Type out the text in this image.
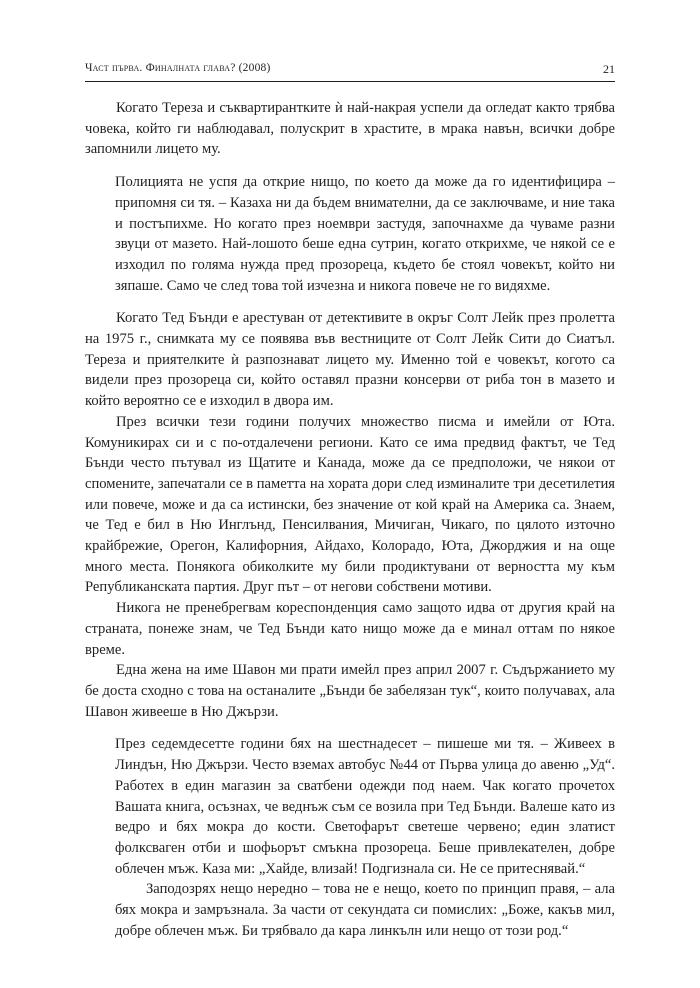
Част първа. Финалната глава? (2008)	21

Когато Тереза и съквартирантките ѝ най-накрая успели да огледат както трябва човека, който ги наблюдавал, полускрит в храстите, в мрака навън, всички добре запомнили лицето му.

Полицията не успя да открие нищо, по което да може да го идентифицира – припомня си тя. – Казаха ни да бъдем внимателни, да се заключваме, и ние така и постъпихме. Но когато през ноември застудя, започнахме да чуваме разни звуци от мазето. Най-лошото беше една сутрин, когато открихме, че някой се е изходил по голяма нужда пред прозореца, където бе стоял човекът, който ни зяпаше. Само че след това той изчезна и никога повече не го видяхме.

Когато Тед Бънди е арестуван от детективите в окръг Солт Лейк през пролетта на 1975 г., снимката му се появява във вестниците от Солт Лейк Сити до Сиатъл. Тереза и приятелките ѝ разпознават лицето му. Именно той е човекът, когото са видели през прозореца си, който оставял празни консерви от риба тон в мазето и който вероятно се е изходил в двора им.

През всички тези години получих множество писма и имейли от Юта. Комуникирах си и с по-отдалечени региони. Като се има предвид фактът, че Тед Бънди често пътувал из Щатите и Канада, може да се предположи, че някои от спомените, запечатали се в паметта на хората дори след изминалите три десетилетия или повече, може и да са истински, без значение от кой край на Америка са. Знаем, че Тед е бил в Ню Инглънд, Пенсилвания, Мичиган, Чикаго, по цялото източно крайбрежие, Орегон, Калифорния, Айдахо, Колорадо, Юта, Джорджия и на още много места. Понякога обиколките му били продиктувани от верността му към Републиканската партия. Друг път – от негови собствени мотиви.

Никога не пренебрегвам кореспонденция само защото идва от другия край на страната, понеже знам, че Тед Бънди като нищо може да е минал оттам по някое време.

Една жена на име Шавон ми прати имейл през април 2007 г. Съдържанието му бе доста сходно с това на останалите „Бънди бе забелязан тук“, които получавах, ала Шавон живееше в Ню Джързи.

През седемдесетте години бях на шестнадесет – пишеше ми тя. – Живеех в Линдън, Ню Джързи. Често вземах автобус №44 от Първа улица до авеню „Уд“. Работех в един магазин за сватбени одежди под наем. Чак когато прочетох Вашата книга, осъзнах, че веднъж съм се возила при Тед Бънди. Валеше като из ведро и бях мокра до кости. Светофарът светеше червено; един златист фолксваген отби и шофьорът смъкна прозореца. Беше привлекателен, добре облечен мъж. Каза ми: „Хайде, влизай! Подгизнала си. Не се притеснявай.“

Заподозрях нещо нередно – това не е нещо, което по принцип правя, – ала бях мокра и замръзнала. За части от секундата си помислих: „Боже, какъв мил, добре облечен мъж. Би трябвало да кара линкълн или нещо от този род.“
